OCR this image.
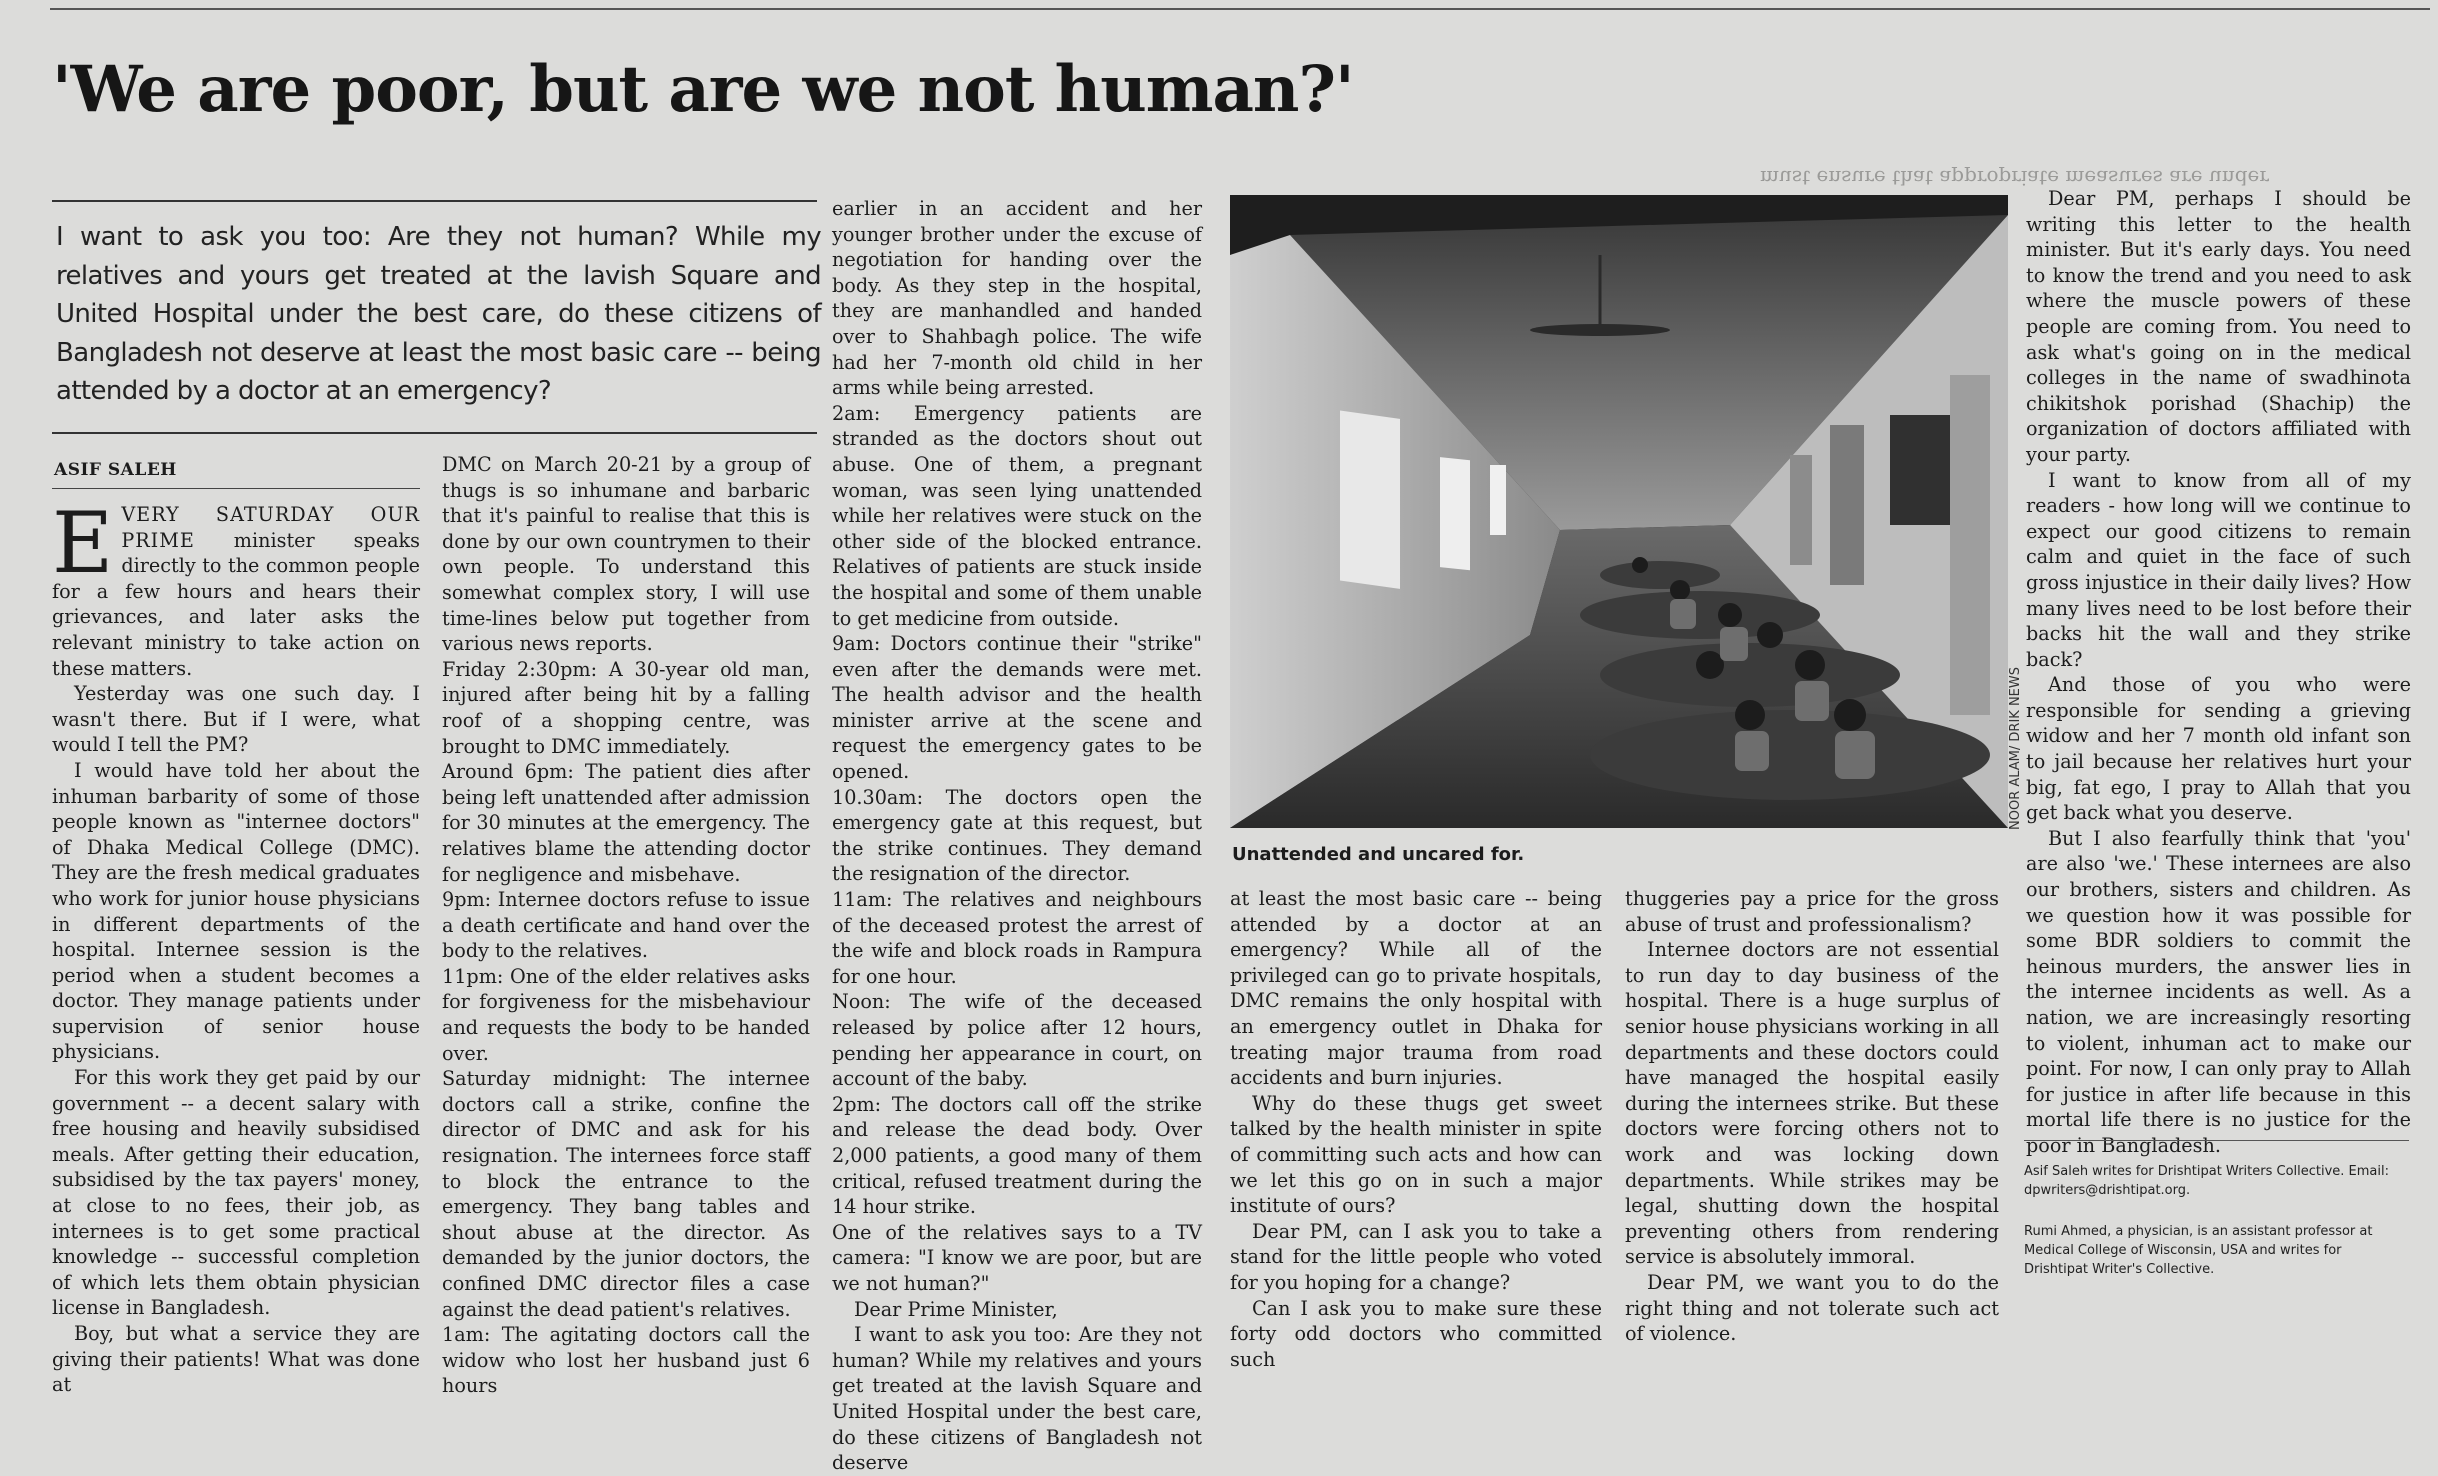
must ensure that appropriate measures are under
'We are poor, but are we not human?'
I want to ask you too: Are they not human? While my relatives and yours get treated at the lavish Square and United Hospital under the best care, do these citizens of Bangladesh not deserve at least the most basic care -- being attended by a doctor at an emergency?
ASIF SALEH

EVERY SATURDAY OUR PRIME minister speaks directly to the common people for a few hours and hears their grievances, and later asks the relevant ministry to take action on these matters.

Yesterday was one such day. I wasn't there. But if I were, what would I tell the PM?

I would have told her about the inhuman barbarity of some of those people known as "internee doctors" of Dhaka Medical College (DMC). They are the fresh medical graduates who work for junior house physicians in different departments of the hospital. Internee session is the period when a student becomes a doctor. They manage patients under supervision of senior house physicians.

For this work they get paid by our government -- a decent salary with free housing and heavily subsidised meals. After getting their education, subsidised by the tax payers' money, at close to no fees, their job, as internees is to get some practical knowledge -- successful completion of which lets them obtain physician license in Bangladesh.

Boy, but what a service they are giving their patients! What was done at

DMC on March 20-21 by a group of thugs is so inhumane and barbaric that it's painful to realise that this is done by our own countrymen to their own people. To understand this somewhat complex story, I will use time-lines below put together from various news reports.

Friday 2:30pm: A 30-year old man, injured after being hit by a falling roof of a shopping centre, was brought to DMC immediately.

Around 6pm: The patient dies after being left unattended after admission for 30 minutes at the emergency. The relatives blame the attending doctor for negligence and misbehave.

9pm: Internee doctors refuse to issue a death certificate and hand over the body to the relatives.

11pm: One of the elder relatives asks for forgiveness for the misbehaviour and requests the body to be handed over.

Saturday midnight: The internee doctors call a strike, confine the director of DMC and ask for his resignation. The internees force staff to block the entrance to the emergency. They bang tables and shout abuse at the director. As demanded by the junior doctors, the confined DMC director files a case against the dead patient's relatives.

1am: The agitating doctors call the widow who lost her husband just 6 hours

earlier in an accident and her younger brother under the excuse of negotiation for handing over the body. As they step in the hospital, they are manhandled and handed over to Shahbagh police. The wife had her 7-month old child in her arms while being arrested.

2am: Emergency patients are stranded as the doctors shout out abuse. One of them, a pregnant woman, was seen lying unattended while her relatives were stuck on the other side of the blocked entrance. Relatives of patients are stuck inside the hospital and some of them unable to get medicine from outside.

9am: Doctors continue their "strike" even after the demands were met. The health advisor and the health minister arrive at the scene and request the emergency gates to be opened.

10.30am: The doctors open the emergency gate at this request, but the strike continues. They demand the resignation of the director.

11am: The relatives and neighbours of the deceased protest the arrest of the wife and block roads in Rampura for one hour.

Noon: The wife of the deceased released by police after 12 hours, pending her appearance in court, on account of the baby.

2pm: The doctors call off the strike and release the dead body. Over 2,000 patients, a good many of them critical, refused treatment during the 14 hour strike.

One of the relatives says to a TV camera: "I know we are poor, but are we not human?"

Dear Prime Minister,

I want to ask you too: Are they not human? While my relatives and yours get treated at the lavish Square and United Hospital under the best care, do these citizens of Bangladesh not deserve

NOOR ALAM/ DRIK NEWS
Unattended and uncared for.

at least the most basic care -- being attended by a doctor at an emergency? While all of the privileged can go to private hospitals, DMC remains the only hospital with an emergency outlet in Dhaka for treating major trauma from road accidents and burn injuries.

Why do these thugs get sweet talked by the health minister in spite of committing such acts and how can we let this go on in such a major institute of ours?

Dear PM, can I ask you to take a stand for the little people who voted for you hoping for a change?

Can I ask you to make sure these forty odd doctors who committed such

thuggeries pay a price for the gross abuse of trust and professionalism?

Internee doctors are not essential to run day to day business of the hospital. There is a huge surplus of senior house physicians working in all departments and these doctors could have managed the hospital easily during the internees strike. But these doctors were forcing others not to work and was locking down departments. While strikes may be legal, shutting down the hospital preventing others from rendering service is absolutely immoral.

Dear PM, we want you to do the right thing and not tolerate such act of violence.

Dear PM, perhaps I should be writing this letter to the health minister. But it's early days. You need to know the trend and you need to ask where the muscle powers of these people are coming from. You need to ask what's going on in the medical colleges in the name of swadhinota chikitshok porishad (Shachip) the organization of doctors affiliated with your party.

I want to know from all of my readers - how long will we continue to expect our good citizens to remain calm and quiet in the face of such gross injustice in their daily lives? How many lives need to be lost before their backs hit the wall and they strike back?

And those of you who were responsible for sending a grieving widow and her 7 month old infant son to jail because her relatives hurt your big, fat ego, I pray to Allah that you get back what you deserve.

But I also fearfully think that 'you' are also 'we.' These internees are also our brothers, sisters and children. As we question how it was possible for some BDR soldiers to commit the heinous murders, the answer lies in the internee incidents as well. As a nation, we are increasingly resorting to violent, inhuman act to make our point. For now, I can only pray to Allah for justice in after life because in this mortal life there is no justice for the poor in Bangladesh.

Asif Saleh writes for Drishtipat Writers Collective. Email: dpwriters@drishtipat.org.
Rumi Ahmed, a physician, is an assistant professor at Medical College of Wisconsin, USA and writes for Drishtipat Writer's Collective.
